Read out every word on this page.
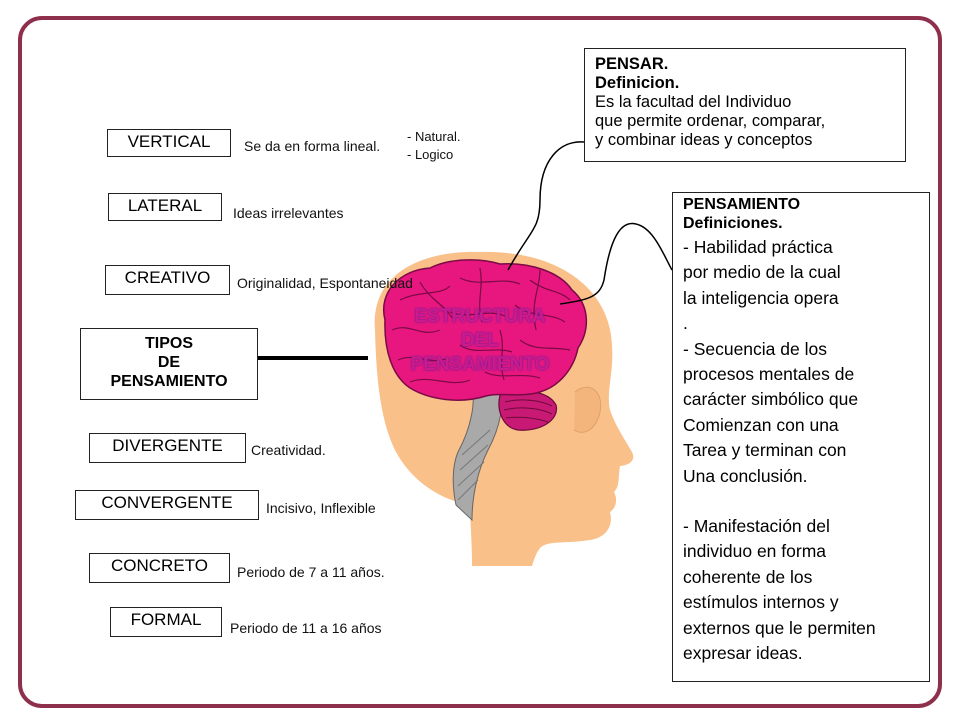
ESTRUCTURA
DEL
PENSAMIENTO
TIPOS
DE
PENSAMIENTO
VERTICAL	Se da en forma lineal.
- Natural.
- Logico
LATERAL	Ideas irrelevantes
CREATIVO	Originalidad, Espontaneidad
DIVERGENTE	Creatividad.
CONVERGENTE	Incisivo, Inflexible
CONCRETO	Periodo de 7 a 11 años.
FORMAL	Periodo de 11 a 16 años
PENSAR.
Definicion.
Es la facultad del Individuo
que permite ordenar, comparar,
y combinar ideas y conceptos
PENSAMIENTO
Definiciones.
- Habilidad práctica
por medio de la cual
la inteligencia opera
.
- Secuencia de los
procesos mentales de
carácter simbólico que
Comienzan con una
Tarea y terminan con
Una conclusión.
- Manifestación del
individuo en forma
coherente de los
estímulos internos y
externos que le permiten
expresar ideas.
